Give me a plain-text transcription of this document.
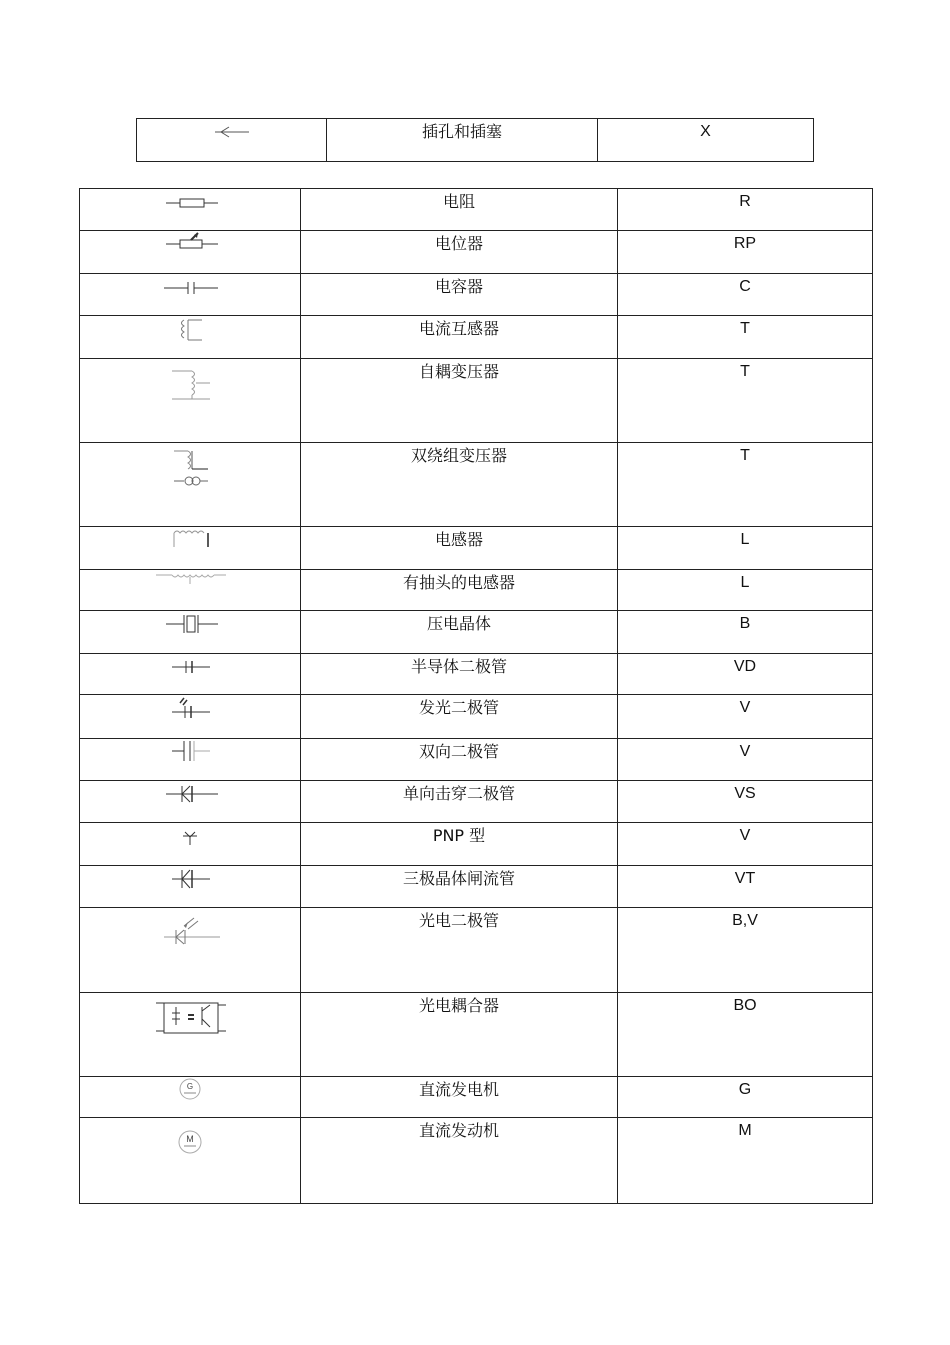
	插孔和插塞	X
	电阻	R

	电位器	RP

	电容器	C

	电流互感器	T

	自耦变压器	T

	双绕组变压器	T

	电感器	L

	有抽头的电感器	L

	压电晶体	B

	半导体二极管	VD

	发光二极管	V

	双向二极管	V

	单向击穿二极管	VS

	PNP 型	V

	三极晶体闸流管	VT

	光电二极管	B,V

	光电耦合器	BO

G	直流发电机	G

M	直流发动机	M
